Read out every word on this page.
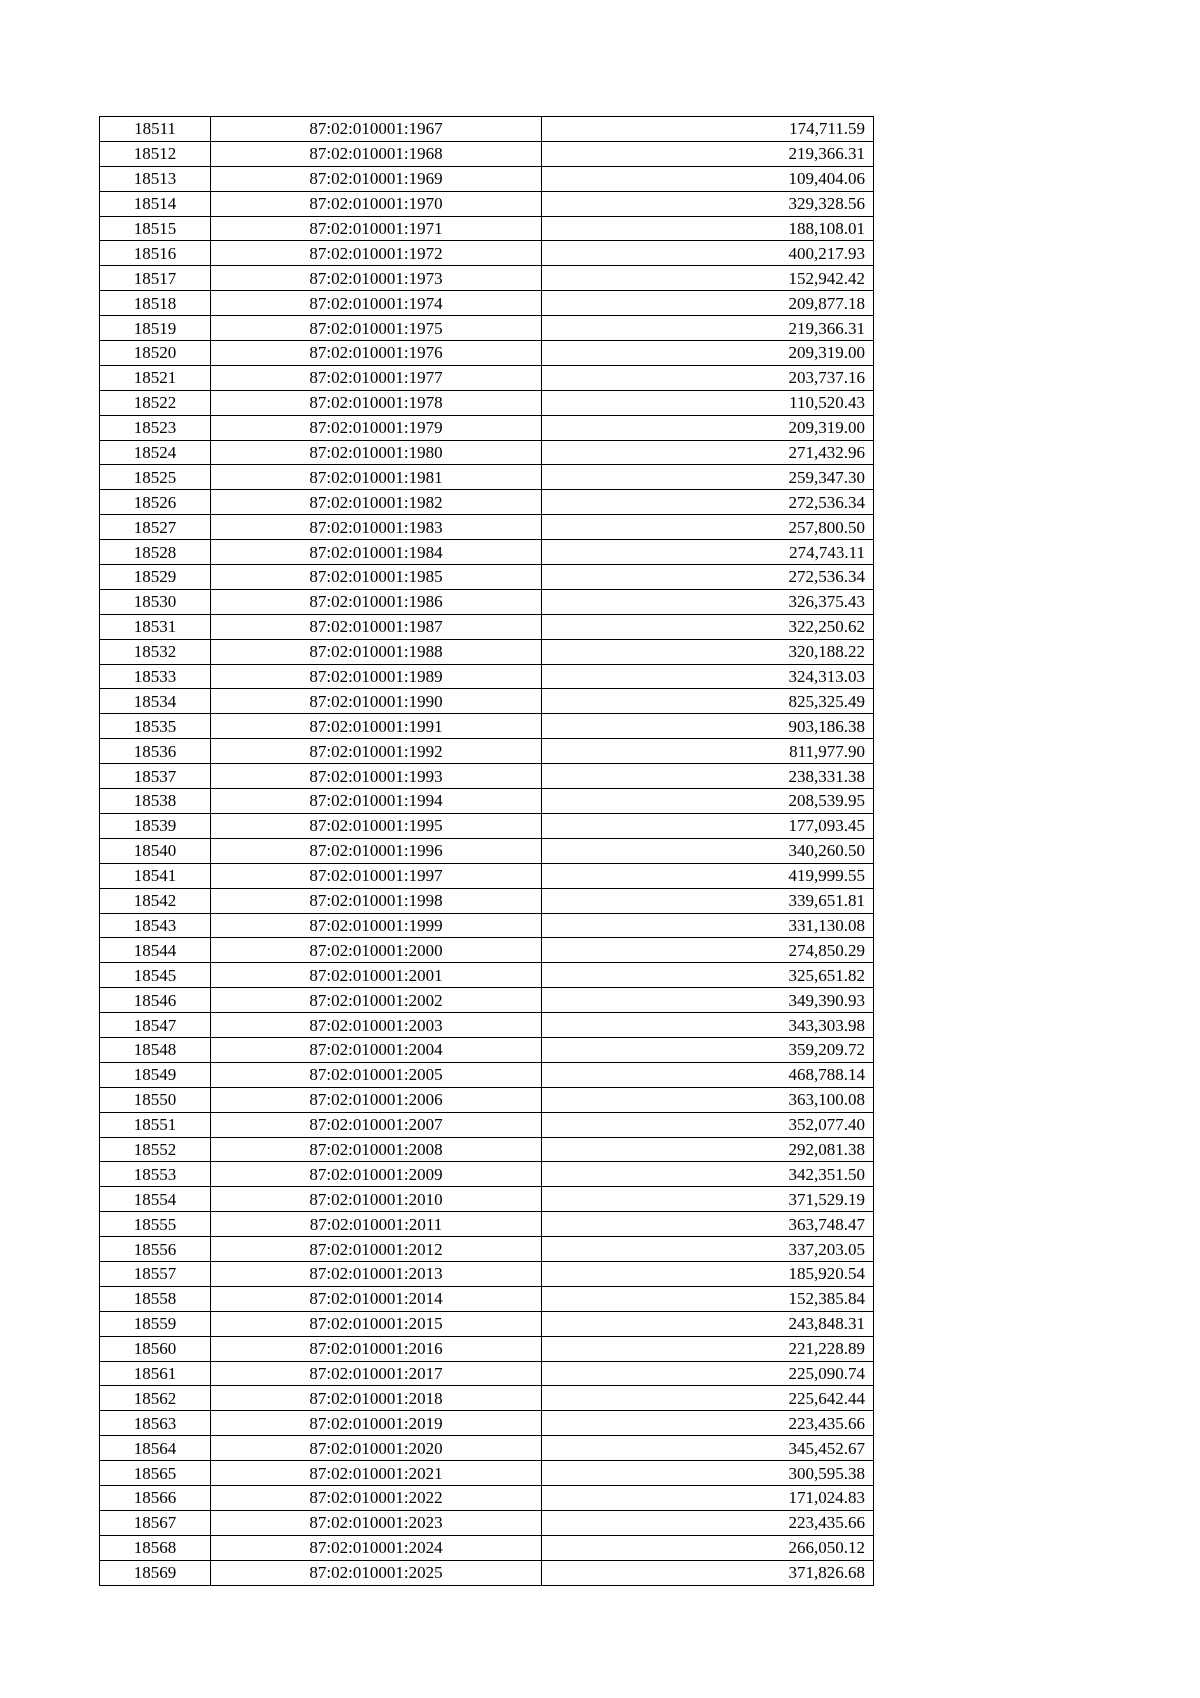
18511	87:02:010001:1967	174,711.59
18512	87:02:010001:1968	219,366.31
18513	87:02:010001:1969	109,404.06
18514	87:02:010001:1970	329,328.56
18515	87:02:010001:1971	188,108.01
18516	87:02:010001:1972	400,217.93
18517	87:02:010001:1973	152,942.42
18518	87:02:010001:1974	209,877.18
18519	87:02:010001:1975	219,366.31
18520	87:02:010001:1976	209,319.00
18521	87:02:010001:1977	203,737.16
18522	87:02:010001:1978	110,520.43
18523	87:02:010001:1979	209,319.00
18524	87:02:010001:1980	271,432.96
18525	87:02:010001:1981	259,347.30
18526	87:02:010001:1982	272,536.34
18527	87:02:010001:1983	257,800.50
18528	87:02:010001:1984	274,743.11
18529	87:02:010001:1985	272,536.34
18530	87:02:010001:1986	326,375.43
18531	87:02:010001:1987	322,250.62
18532	87:02:010001:1988	320,188.22
18533	87:02:010001:1989	324,313.03
18534	87:02:010001:1990	825,325.49
18535	87:02:010001:1991	903,186.38
18536	87:02:010001:1992	811,977.90
18537	87:02:010001:1993	238,331.38
18538	87:02:010001:1994	208,539.95
18539	87:02:010001:1995	177,093.45
18540	87:02:010001:1996	340,260.50
18541	87:02:010001:1997	419,999.55
18542	87:02:010001:1998	339,651.81
18543	87:02:010001:1999	331,130.08
18544	87:02:010001:2000	274,850.29
18545	87:02:010001:2001	325,651.82
18546	87:02:010001:2002	349,390.93
18547	87:02:010001:2003	343,303.98
18548	87:02:010001:2004	359,209.72
18549	87:02:010001:2005	468,788.14
18550	87:02:010001:2006	363,100.08
18551	87:02:010001:2007	352,077.40
18552	87:02:010001:2008	292,081.38
18553	87:02:010001:2009	342,351.50
18554	87:02:010001:2010	371,529.19
18555	87:02:010001:2011	363,748.47
18556	87:02:010001:2012	337,203.05
18557	87:02:010001:2013	185,920.54
18558	87:02:010001:2014	152,385.84
18559	87:02:010001:2015	243,848.31
18560	87:02:010001:2016	221,228.89
18561	87:02:010001:2017	225,090.74
18562	87:02:010001:2018	225,642.44
18563	87:02:010001:2019	223,435.66
18564	87:02:010001:2020	345,452.67
18565	87:02:010001:2021	300,595.38
18566	87:02:010001:2022	171,024.83
18567	87:02:010001:2023	223,435.66
18568	87:02:010001:2024	266,050.12
18569	87:02:010001:2025	371,826.68
